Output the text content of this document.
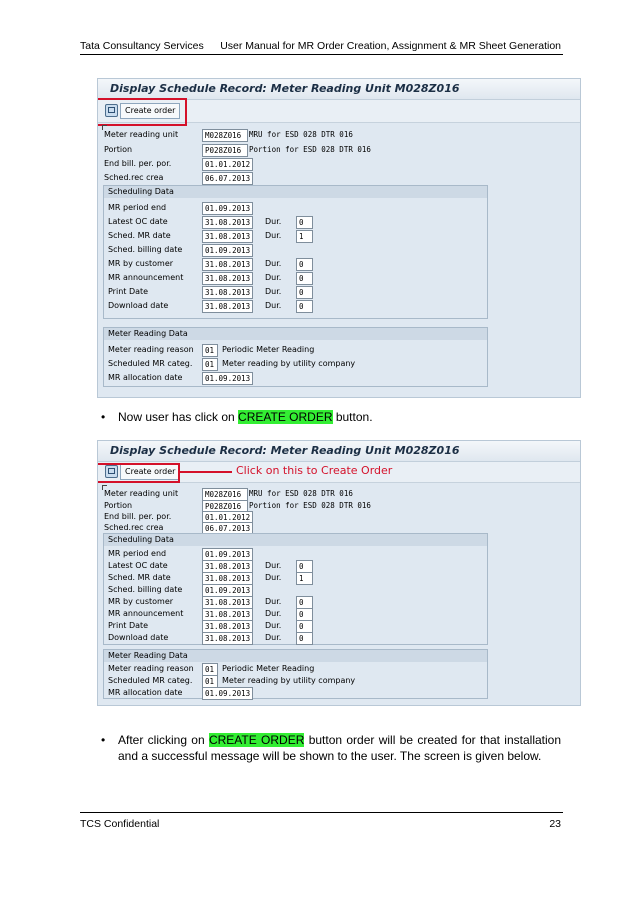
Tata Consultancy Services User Manual for MR Order Creation, Assignment & MR Sheet Generation
Display Schedule Record: Meter Reading Unit M028Z016
Create order
Meter reading unit	M028Z016	MRU for ESD 028 DTR 016
Portion	P028Z016	Portion for ESD 028 DTR 016
End bill. per. por.	01.01.2012
Sched.rec crea	06.07.2013
Scheduling Data
MR period end	01.09.2013
Latest OC date	31.08.2013	Dur.	0
Sched. MR date	31.08.2013	Dur.	1
Sched. billing date	01.09.2013
MR by customer	31.08.2013	Dur.	0
MR announcement	31.08.2013	Dur.	0
Print Date	31.08.2013	Dur.	0
Download date	31.08.2013	Dur.	0
Meter Reading Data
Meter reading reason	01 Periodic Meter Reading
Scheduled MR categ.	01 Meter reading by utility company
MR allocation date	01.09.2013
• Now user has click on CREATE ORDER button.
Display Schedule Record: Meter Reading Unit M028Z016
Create order	Click on this to Create Order
Meter reading unit	M028Z016	MRU for ESD 028 DTR 016
Portion	P028Z016	Portion for ESD 028 DTR 016
End bill. per. por.	01.01.2012
Sched.rec crea	06.07.2013
Scheduling Data
MR period end	01.09.2013
Latest OC date	31.08.2013	Dur.	0
Sched. MR date	31.08.2013	Dur.	1
Sched. billing date	01.09.2013
MR by customer	31.08.2013	Dur.	0
MR announcement	31.08.2013	Dur.	0
Print Date	31.08.2013	Dur.	0
Download date	31.08.2013	Dur.	0
Meter Reading Data
Meter reading reason	01 Periodic Meter Reading
Scheduled MR categ.	01 Meter reading by utility company
MR allocation date	01.09.2013
• After clicking on CREATE ORDER button order will be created for that installation
and a successful message will be shown to the user. The screen is given below.
TCS Confidential	23
